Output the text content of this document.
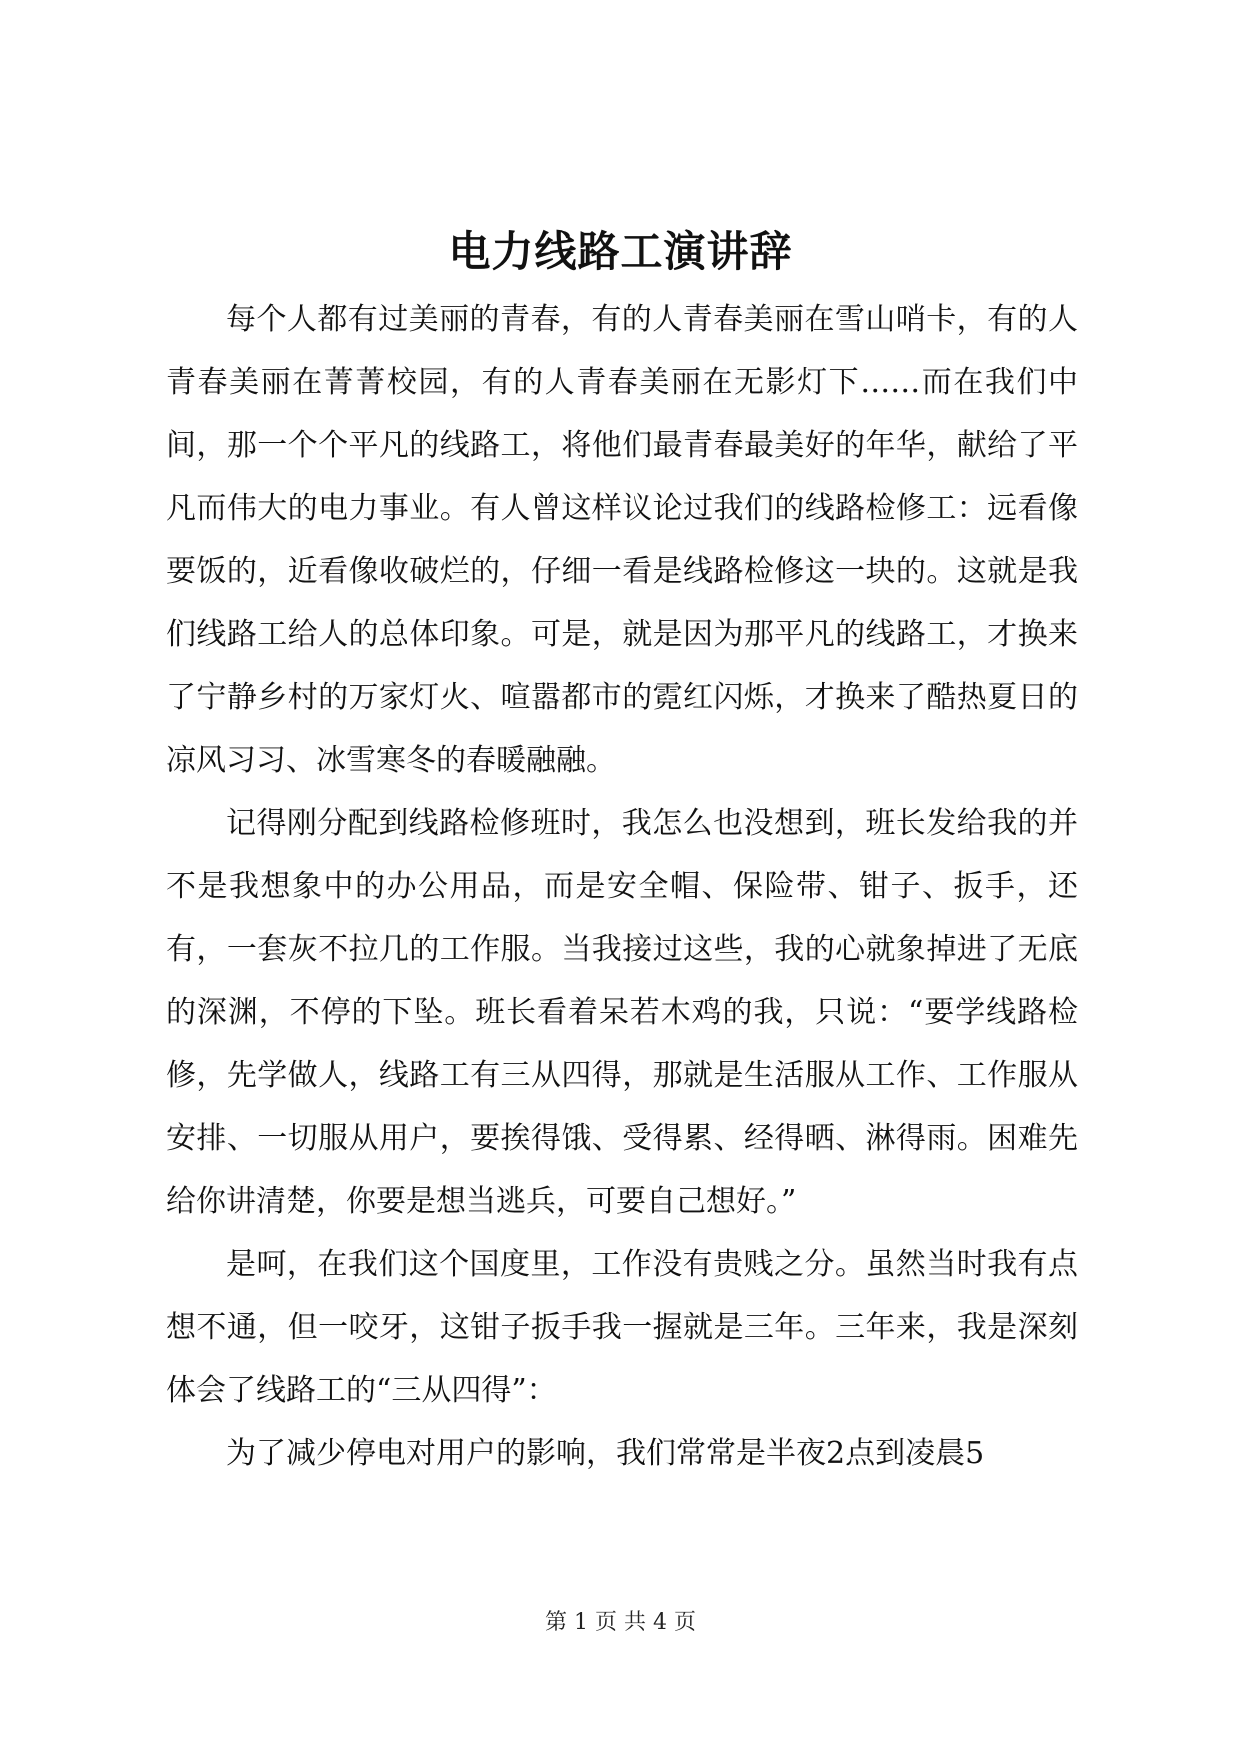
电力线路工演讲辞

每个人都有过美丽的青春，有的人青春美丽在雪山哨卡，有的人青春美丽在菁菁校园，有的人青春美丽在无影灯下……而在我们中间，那一个个平凡的线路工，将他们最青春最美好的年华，献给了平凡而伟大的电力事业。有人曾这样议论过我们的线路检修工：远看像要饭的，近看像收破烂的，仔细一看是线路检修这一块的。这就是我们线路工给人的总体印象。可是，就是因为那平凡的线路工，才换来了宁静乡村的万家灯火、喧嚣都市的霓红闪烁，才换来了酷热夏日的凉风习习、冰雪寒冬的春暖融融。

记得刚分配到线路检修班时，我怎么也没想到，班长发给我的并不是我想象中的办公用品，而是安全帽、保险带、钳子、扳手，还有，一套灰不拉几的工作服。当我接过这些，我的心就象掉进了无底的深渊，不停的下坠。班长看着呆若木鸡的我，只说：“要学线路检修，先学做人，线路工有三从四得，那就是生活服从工作、工作服从安排、一切服从用户，要挨得饿、受得累、经得晒、淋得雨。困难先给你讲清楚，你要是想当逃兵，可要自己想好。”

是呵，在我们这个国度里，工作没有贵贱之分。虽然当时我有点想不通，但一咬牙，这钳子扳手我一握就是三年。三年来，我是深刻体会了线路工的“三从四得”：

为了减少停电对用户的影响，我们常常是半夜2点到凌晨5

第 1 页 共 4 页
